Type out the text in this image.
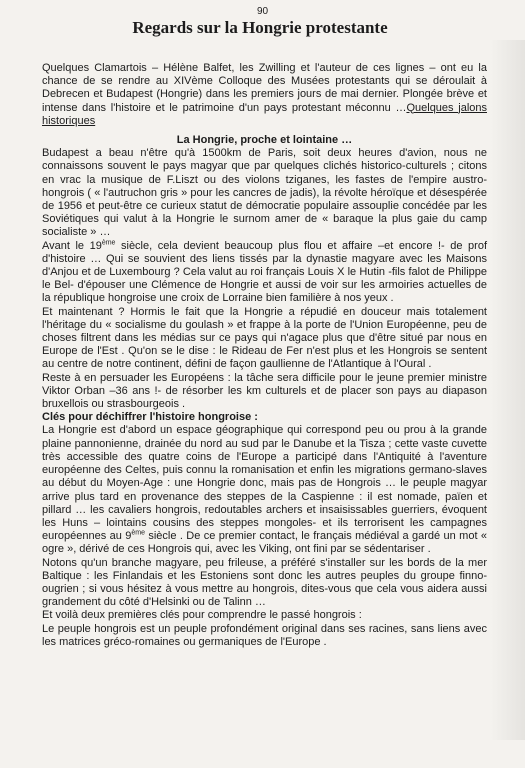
90
Regards sur la Hongrie protestante

Quelques Clamartois – Hélène Balfet, les Zwilling et l'auteur de ces lignes – ont eu la chance de se rendre au XIVème Colloque des Musées protestants qui se déroulait à Debrecen et Budapest (Hongrie) dans les premiers jours de mai dernier. Plongée brève et intense dans l'histoire et le patrimoine d'un pays protestant méconnu …Quelques jalons historiques

La Hongrie, proche et lointaine …

Budapest a beau n'être qu'à 1500km de Paris, soit deux heures d'avion, nous ne connaissons souvent le pays magyar que par quelques clichés historico-culturels ; citons en vrac la musique de F.Liszt ou des violons tziganes, les fastes de l'empire austro-hongrois ( « l'autruchon gris » pour les cancres de jadis), la révolte héroïque et désespérée de 1956 et peut-être ce curieux statut de démocratie populaire assouplie concédée par les Soviétiques qui valut à la Hongrie le surnom amer de « baraque la plus gaie du camp socialiste » …

Avant le 19ème siècle, cela devient beaucoup plus flou et affaire –et encore !- de prof d'histoire … Qui se souvient des liens tissés par la dynastie magyare avec les Maisons d'Anjou et de Luxembourg ? Cela valut au roi français Louis X le Hutin -fils falot de Philippe le Bel- d'épouser une Clémence de Hongrie et aussi de voir sur les armoiries actuelles de la république hongroise une croix de Lorraine bien familière à nos yeux .

Et maintenant ? Hormis le fait que la Hongrie a répudié en douceur mais totalement l'héritage du « socialisme du goulash » et frappe à la porte de l'Union Européenne, peu de choses filtrent dans les médias sur ce pays qui n'agace plus que d'être situé par nous en Europe de l'Est . Qu'on se le dise : le Rideau de Fer n'est plus et les Hongrois se sentent au centre de notre continent, défini de façon gaullienne de l'Atlantique à l'Oural .

Reste à en persuader les Européens : la tâche sera difficile pour le jeune premier ministre Viktor Orban –36 ans !- de résorber les km culturels et de placer son pays au diapason bruxellois ou strasbourgeois .

Clés pour déchiffrer l'histoire hongroise :

La Hongrie est d'abord un espace géographique qui correspond peu ou prou à la grande plaine pannonienne, drainée du nord au sud par le Danube et la Tisza ; cette vaste cuvette très accessible des quatre coins de l'Europe a participé dans l'Antiquité à l'aventure européenne des Celtes, puis connu la romanisation et enfin les migrations germano-slaves au début du Moyen-Age : une Hongrie donc, mais pas de Hongrois … le peuple magyar arrive plus tard en provenance des steppes de la Caspienne : il est nomade, païen et pillard … les cavaliers hongrois, redoutables archers et insaisissables guerriers, évoquent les Huns – lointains cousins des steppes mongoles- et ils terrorisent les campagnes européennes au 9ème siècle . De ce premier contact, le français médiéval a gardé un mot « ogre », dérivé de ces Hongrois qui, avec les Viking, ont fini par se sédentariser .

Notons qu'un branche magyare, peu frileuse, a préféré s'installer sur les bords de la mer Baltique : les Finlandais et les Estoniens sont donc les autres peuples du groupe finno-ougrien ; si vous hésitez à vous mettre au hongrois, dites-vous que cela vous aidera aussi grandement du côté d'Helsinki ou de Talinn …

Et voilà deux premières clés pour comprendre le passé hongrois :

Le peuple hongrois est un peuple profondément original dans ses racines, sans liens avec les matrices gréco-romaines ou germaniques de l'Europe .
